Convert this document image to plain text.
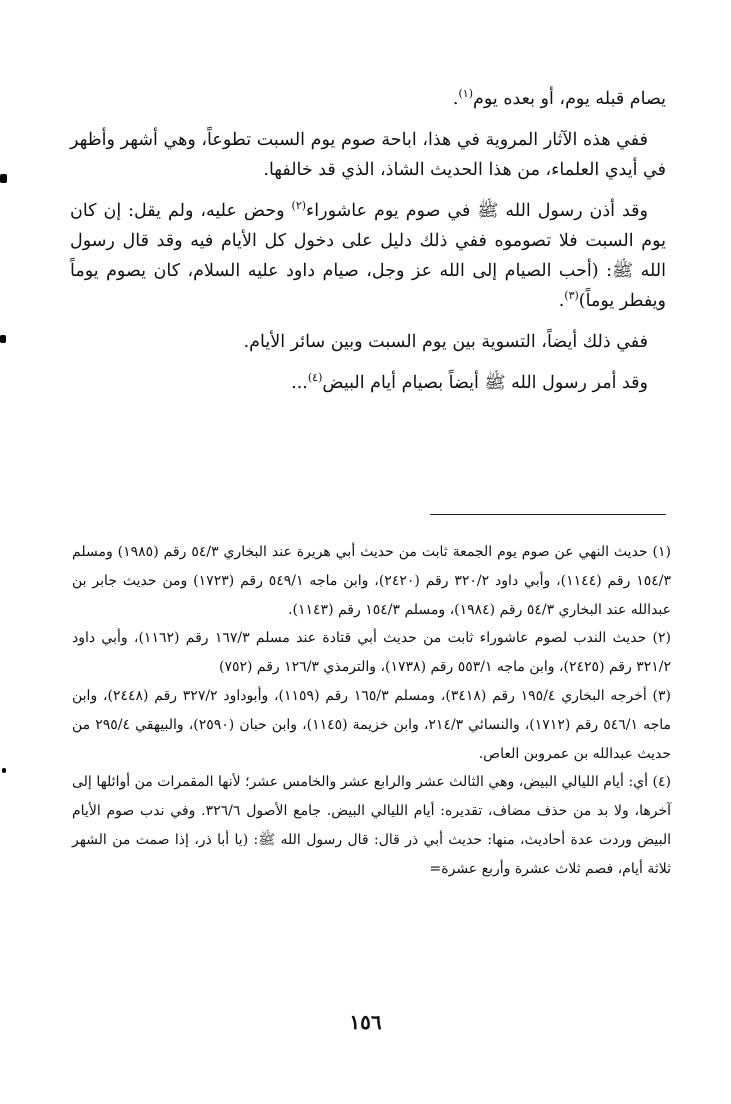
يصام قبله يوم، أو بعده يوم$^{(١)}$.

ففي هذه الآثار المروية في هذا، اباحة صوم يوم السبت تطوعاً، وهي أشهر وأظهر في أيدي العلماء، من هذا الحديث الشاذ، الذي قد خالفها.

وقد أذن رسول الله ﷺ في صوم يوم عاشوراء$^{(٢)}$ وحض عليه، ولم يقل: إن كان يوم السبت فلا تصوموه ففي ذلك دليل على دخول كل الأيام فيه وقد قال رسول الله ﷺ: (أحب الصيام إلى الله عز وجل، صيام داود عليه السلام، كان يصوم يوماً ويفطر يوماً)$^{(٣)}$.

ففي ذلك أيضاً، التسوية بين يوم السبت وبين سائر الأيام.

وقد أمر رسول الله ﷺ أيضاً بصيام أيام البيض$^{(٤)}$...

(١) حديث النهي عن صوم يوم الجمعة ثابت من حديث أبي هريرة عند البخاري ٥٤/٣ رقم (١٩٨٥) ومسلم ١٥٤/٣ رقم (١١٤٤)، وأبي داود ٣٢٠/٢ رقم (٢٤٢٠)، وابن ماجه ٥٤٩/١ رقم (١٧٢٣) ومن حديث جابر بن عبدالله عند البخاري ٥٤/٣ رقم (١٩٨٤)، ومسلم ١٥٤/٣ رقم (١١٤٣).

(٢) حديث الندب لصوم عاشوراء ثابت من حديث أبي قتادة عند مسلم ١٦٧/٣ رقم (١١٦٢)، وأبي داود ٣٢١/٢ رقم (٢٤٢٥)، وابن ماجه ٥٥٣/١ رقم (١٧٣٨)، والترمذي ١٢٦/٣ رقم (٧٥٢)

(٣) أخرجه البخاري ١٩٥/٤ رقم (٣٤١٨)، ومسلم ١٦٥/٣ رقم (١١٥٩)، وأبوداود ٣٢٧/٢ رقم (٢٤٤٨)، وابن ماجه ٥٤٦/١ رقم (١٧١٢)، والنسائي ٢١٤/٣، وابن خزيمة (١١٤٥)، وابن حبان (٢٥٩٠)، والبيهقي ٢٩٥/٤ من حديث عبدالله بن عمروبن العاص.

(٤) أي: أيام الليالي البيض، وهي الثالث عشر والرابع عشر والخامس عشر؛ لأنها المقمرات من أوائلها إلى آخرها، ولا بد من حذف مضاف، تقديره: أيام الليالي البيض. جامع الأصول ٣٢٦/٦. وفي ندب صوم الأيام البيض وردت عدة أحاديث، منها: حديث أبي ذر قال: قال رسول الله ﷺ: (يا أبا ذر، إذا صمت من الشهر ثلاثة أيام، فصم ثلاث عشرة وأربع عشرة=

١٥٦
